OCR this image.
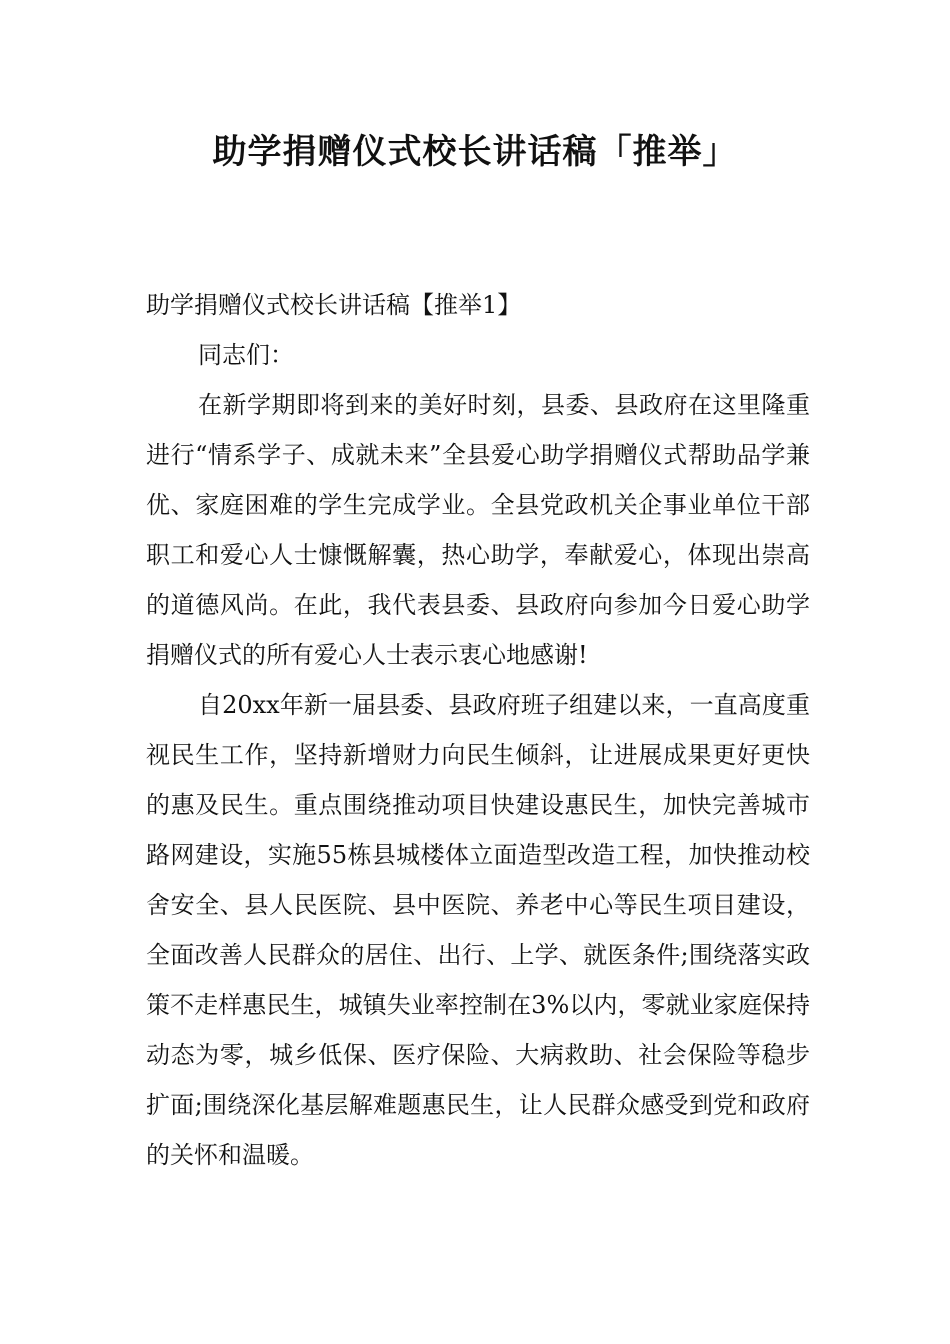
助学捐赠仪式校长讲话稿「推举」

助学捐赠仪式校长讲话稿【推举1】

同志们：

在新学期即将到来的美好时刻，县委、县政府在这里隆重进行“情系学子、成就未来”全县爱心助学捐赠仪式帮助品学兼优、家庭困难的学生完成学业。全县党政机关企事业单位干部职工和爱心人士慷慨解囊，热心助学，奉献爱心，体现出崇高的道德风尚。在此，我代表县委、县政府向参加今日爱心助学捐赠仪式的所有爱心人士表示衷心地感谢!

自20xx年新一届县委、县政府班子组建以来，一直高度重视民生工作，坚持新增财力向民生倾斜，让进展成果更好更快的惠及民生。重点围绕推动项目快建设惠民生，加快完善城市路网建设，实施55栋县城楼体立面造型改造工程，加快推动校舍安全、县人民医院、县中医院、养老中心等民生项目建设，全面改善人民群众的居住、出行、上学、就医条件;围绕落实政策不走样惠民生，城镇失业率控制在3%以内，零就业家庭保持动态为零，城乡低保、医疗保险、大病救助、社会保险等稳步扩面;围绕深化基层解难题惠民生，让人民群众感受到党和政府的关怀和温暖。
